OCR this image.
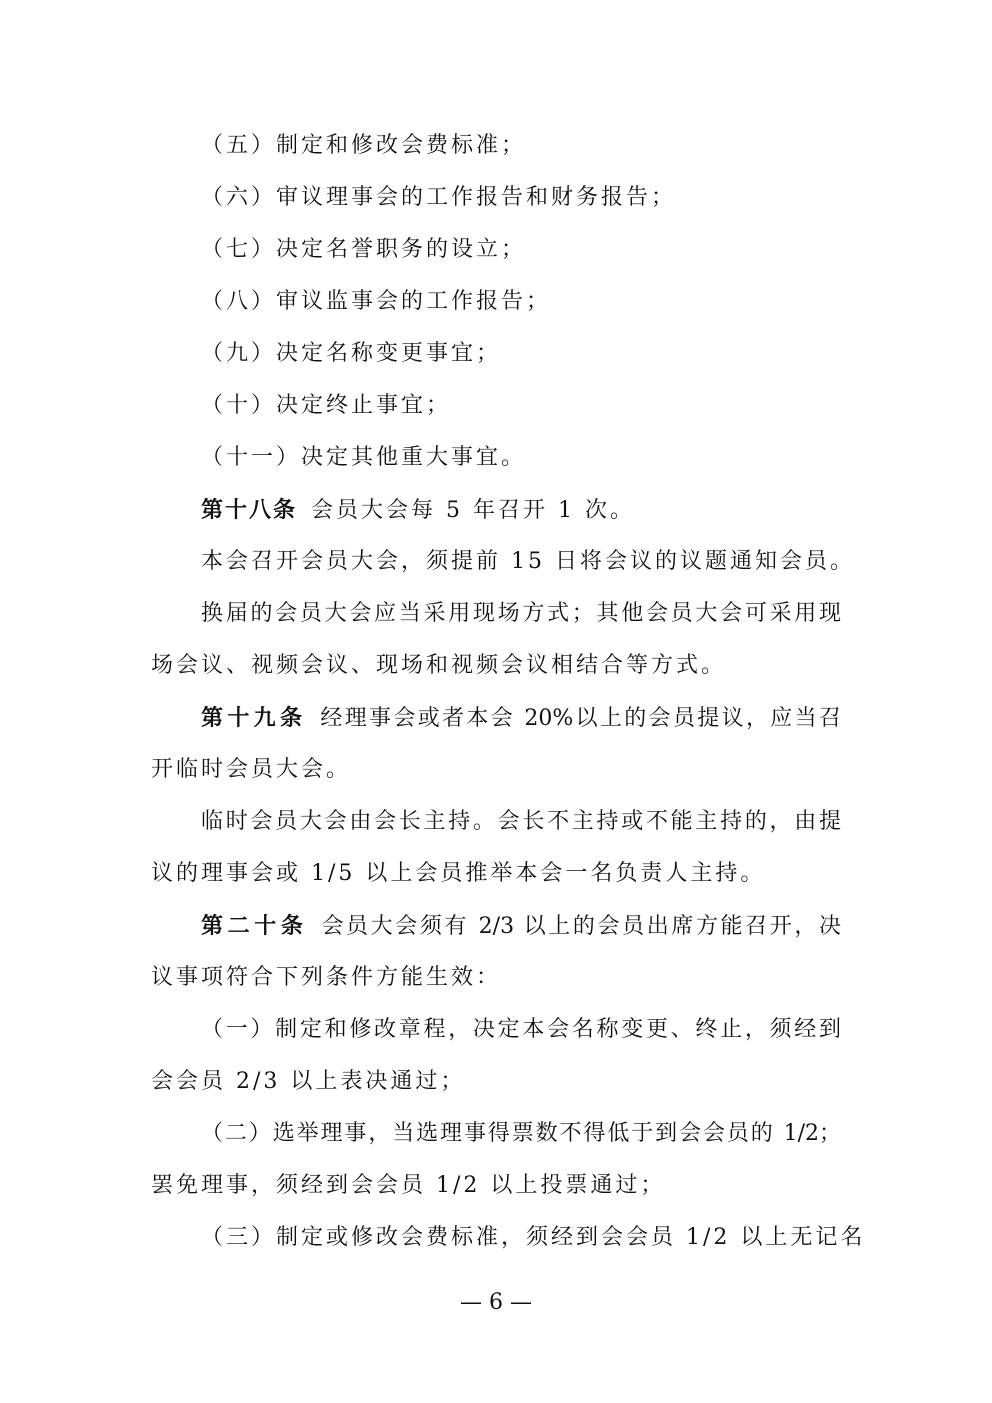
（五）制定和修改会费标准；
（六）审议理事会的工作报告和财务报告；
（七）决定名誉职务的设立；
（八）审议监事会的工作报告；
（九）决定名称变更事宜；
（十）决定终止事宜；
（十一）决定其他重大事宜。
第十八条 会员大会每 5 年召开 1 次。
本会召开会员大会，须提前 15 日将会议的议题通知会员。
换届的会员大会应当采用现场方式；其他会员大会可采用现
场会议、视频会议、现场和视频会议相结合等方式。
第十九条 经理事会或者本会 20%以上的会员提议，应当召
开临时会员大会。
临时会员大会由会长主持。会长不主持或不能主持的，由提
议的理事会或 1/5 以上会员推举本会一名负责人主持。
第二十条 会员大会须有 2/3 以上的会员出席方能召开，决
议事项符合下列条件方能生效：
（一）制定和修改章程，决定本会名称变更、终止，须经到
会会员 2/3 以上表决通过；
（二）选举理事，当选理事得票数不得低于到会会员的 1/2；
罢免理事，须经到会会员 1/2 以上投票通过；
（三）制定或修改会费标准，须经到会会员 1/2 以上无记名
— 6 —
